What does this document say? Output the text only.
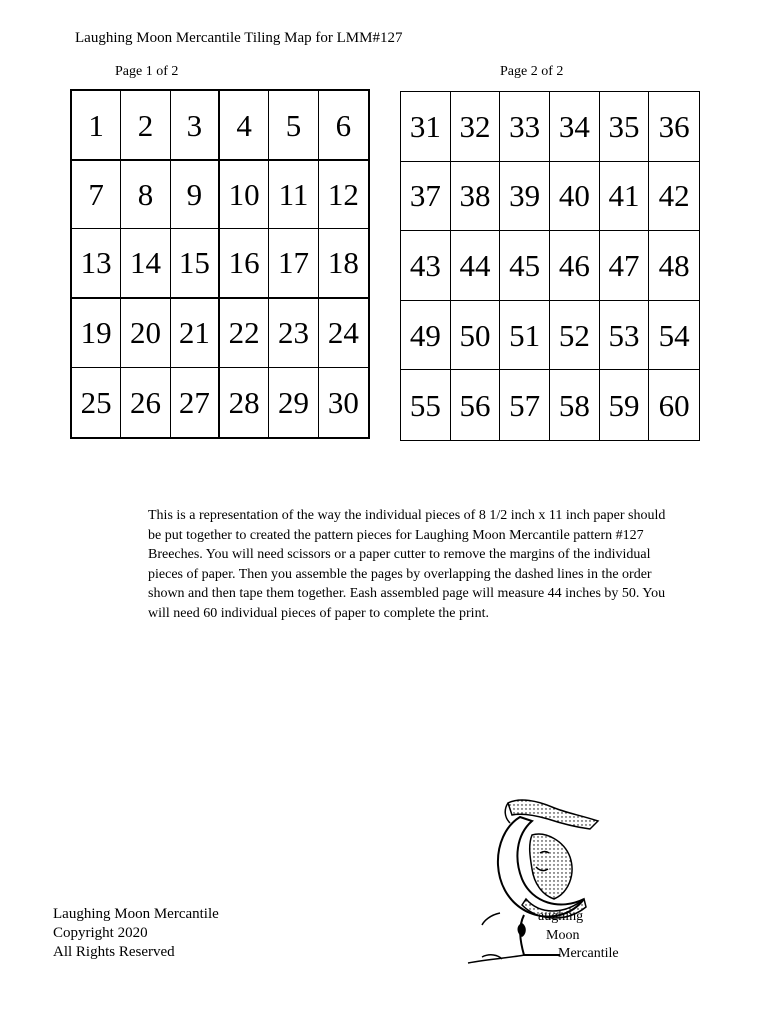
Laughing Moon Mercantile Tiling Map for LMM#127
Page 1 of 2	Page 2 of 2
1	2	3	4	5	6
7	8	9 10 11 12
13 14 15 16 17 18
19 20 21 22 23 24
25 26 27 28 29 30
31 32 33 34 35 36
37 38 39 40 41 42
43 44 45 46 47 48
49 50 51 52 53 54
55 56 57 58 59 60
This is a representation of the way the individual pieces of 8 1/2 inch x 11 inch paper should be put together to created the pattern pieces for Laughing Moon Mercantile pattern #127 Breeches. You will need scissors or a paper cutter to remove the margins of the individual pieces of paper. Then you assemble the pages by overlapping the dashed lines in the order shown and then tape them together. Eash assembled page will measure 44 inches by 50. You will need 60 individual pieces of paper to complete the print.
Laughing Moon Mercantile
Copyright 2020
All Rights Reserved
aughing
Moon
Mercantile
